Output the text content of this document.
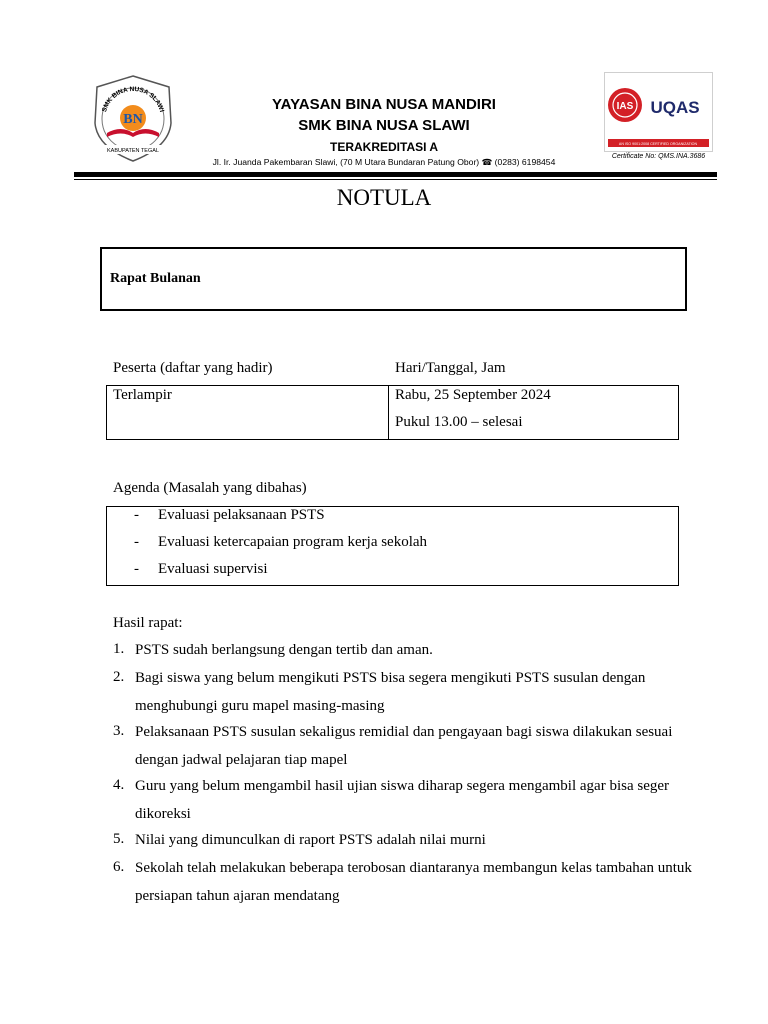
SMK BINA NUSA SLAWI
BN
KABUPATEN TEGAL
YAYASAN BINA NUSA MANDIRI
SMK BINA NUSA SLAWI
TERAKREDITASI A
Jl. Ir. Juanda Pakembaran Slawi, (70 M Utara Bundaran Patung Obor) ☎ (0283) 6198454
IAS UQAS
AN ISO 9001:2008 CERTIFIED ORGANIZATION
Certificate No: QMS.INA.3686
NOTULA
Rapat Bulanan
Peserta (daftar yang hadir)	Hari/Tanggal, Jam
Terlampir	Rabu, 25 September 2024
Pukul 13.00 – selesai
Agenda (Masalah yang dibahas)
- Evaluasi pelaksanaan PSTS
- Evaluasi ketercapaian program kerja sekolah
- Evaluasi supervisi
Hasil rapat:
1. PSTS sudah berlangsung dengan tertib dan aman.
2. Bagi siswa yang belum mengikuti PSTS bisa segera mengikuti PSTS susulan dengan menghubungi guru mapel masing-masing
3. Pelaksanaan PSTS susulan sekaligus remidial dan pengayaan bagi siswa dilakukan sesuai dengan jadwal pelajaran tiap mapel
4. Guru yang belum mengambil hasil ujian siswa diharap segera mengambil agar bisa seger dikoreksi
5. Nilai yang dimunculkan di raport PSTS adalah nilai murni
6. Sekolah telah melakukan beberapa terobosan diantaranya membangun kelas tambahan untuk persiapan tahun ajaran mendatang
